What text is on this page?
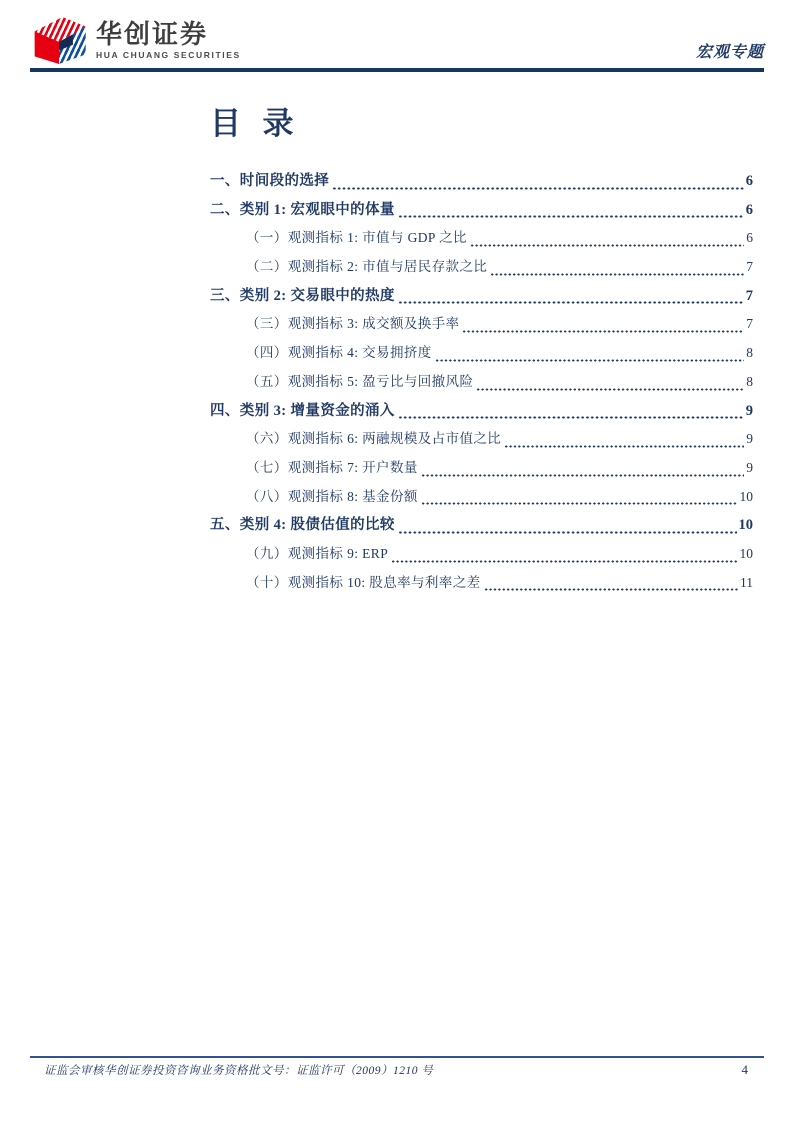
华创证券
HUA CHUANG SECURITIES	宏观专题
目  录
一、时间段的选择	6
二、类别 1: 宏观眼中的体量	6
（一）观测指标 1: 市值与 GDP 之比	6
（二）观测指标 2: 市值与居民存款之比	7
三、类别 2: 交易眼中的热度	7
（三）观测指标 3: 成交额及换手率	7
（四）观测指标 4: 交易拥挤度	8
（五）观测指标 5: 盈亏比与回撤风险	8
四、类别 3: 增量资金的涌入	9
（六）观测指标 6: 两融规模及占市值之比	9
（七）观测指标 7: 开户数量	9
（八）观测指标 8: 基金份额	10
五、类别 4: 股债估值的比较	10
（九）观测指标 9: ERP	10
（十）观测指标 10: 股息率与利率之差	11
证监会审核华创证券投资咨询业务资格批文号：证监许可（2009）1210 号	4
